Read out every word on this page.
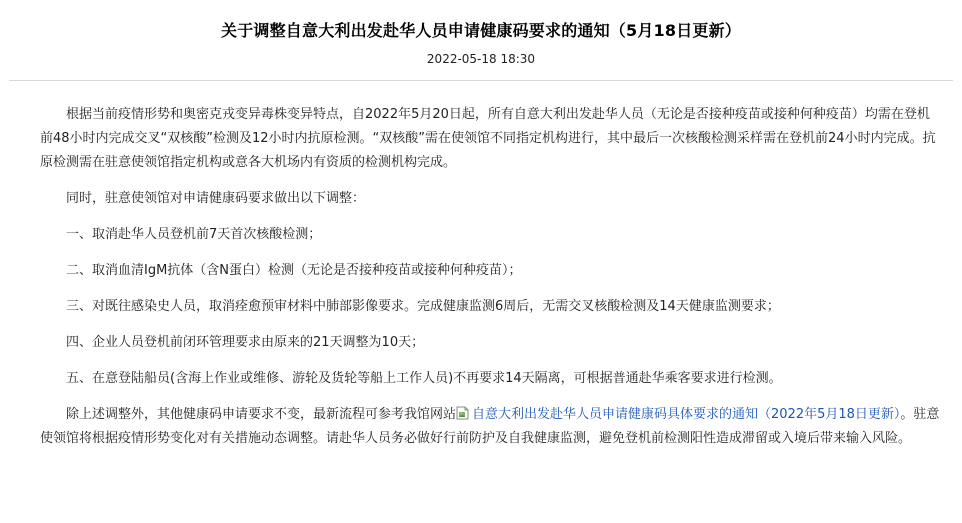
关于调整自意大利出发赴华人员申请健康码要求的通知（5月18日更新）
2022-05-18 18:30

根据当前疫情形势和奥密克戎变异毒株变异特点，自2022年5月20日起，所有自意大利出发赴华人员（无论是否接种疫苗或接种何种疫苗）均需在登机前48小时内完成交叉“双核酸”检测及12小时内抗原检测。“双核酸”需在使领馆不同指定机构进行，其中最后一次核酸检测采样需在登机前24小时内完成。抗原检测需在驻意使领馆指定机构或意各大机场内有资质的检测机构完成。

同时，驻意使领馆对申请健康码要求做出以下调整：

一、取消赴华人员登机前7天首次核酸检测；

二、取消血清IgM抗体（含N蛋白）检测（无论是否接种疫苗或接种何种疫苗）；

三、对既往感染史人员，取消痊愈预审材料中肺部影像要求。完成健康监测6周后，无需交叉核酸检测及14天健康监测要求；

四、企业人员登机前闭环管理要求由原来的21天调整为10天；

五、在意登陆船员(含海上作业或维修、游轮及货轮等船上工作人员)不再要求14天隔离，可根据普通赴华乘客要求进行检测。

除上述调整外，其他健康码申请要求不变，最新流程可参考我馆网站 自意大利出发赴华人员申请健康码具体要求的通知（2022年5月18日更新）。驻意使领馆将根据疫情形势变化对有关措施动态调整。请赴华人员务必做好行前防护及自我健康监测，避免登机前检测阳性造成滞留或入境后带来输入风险。
